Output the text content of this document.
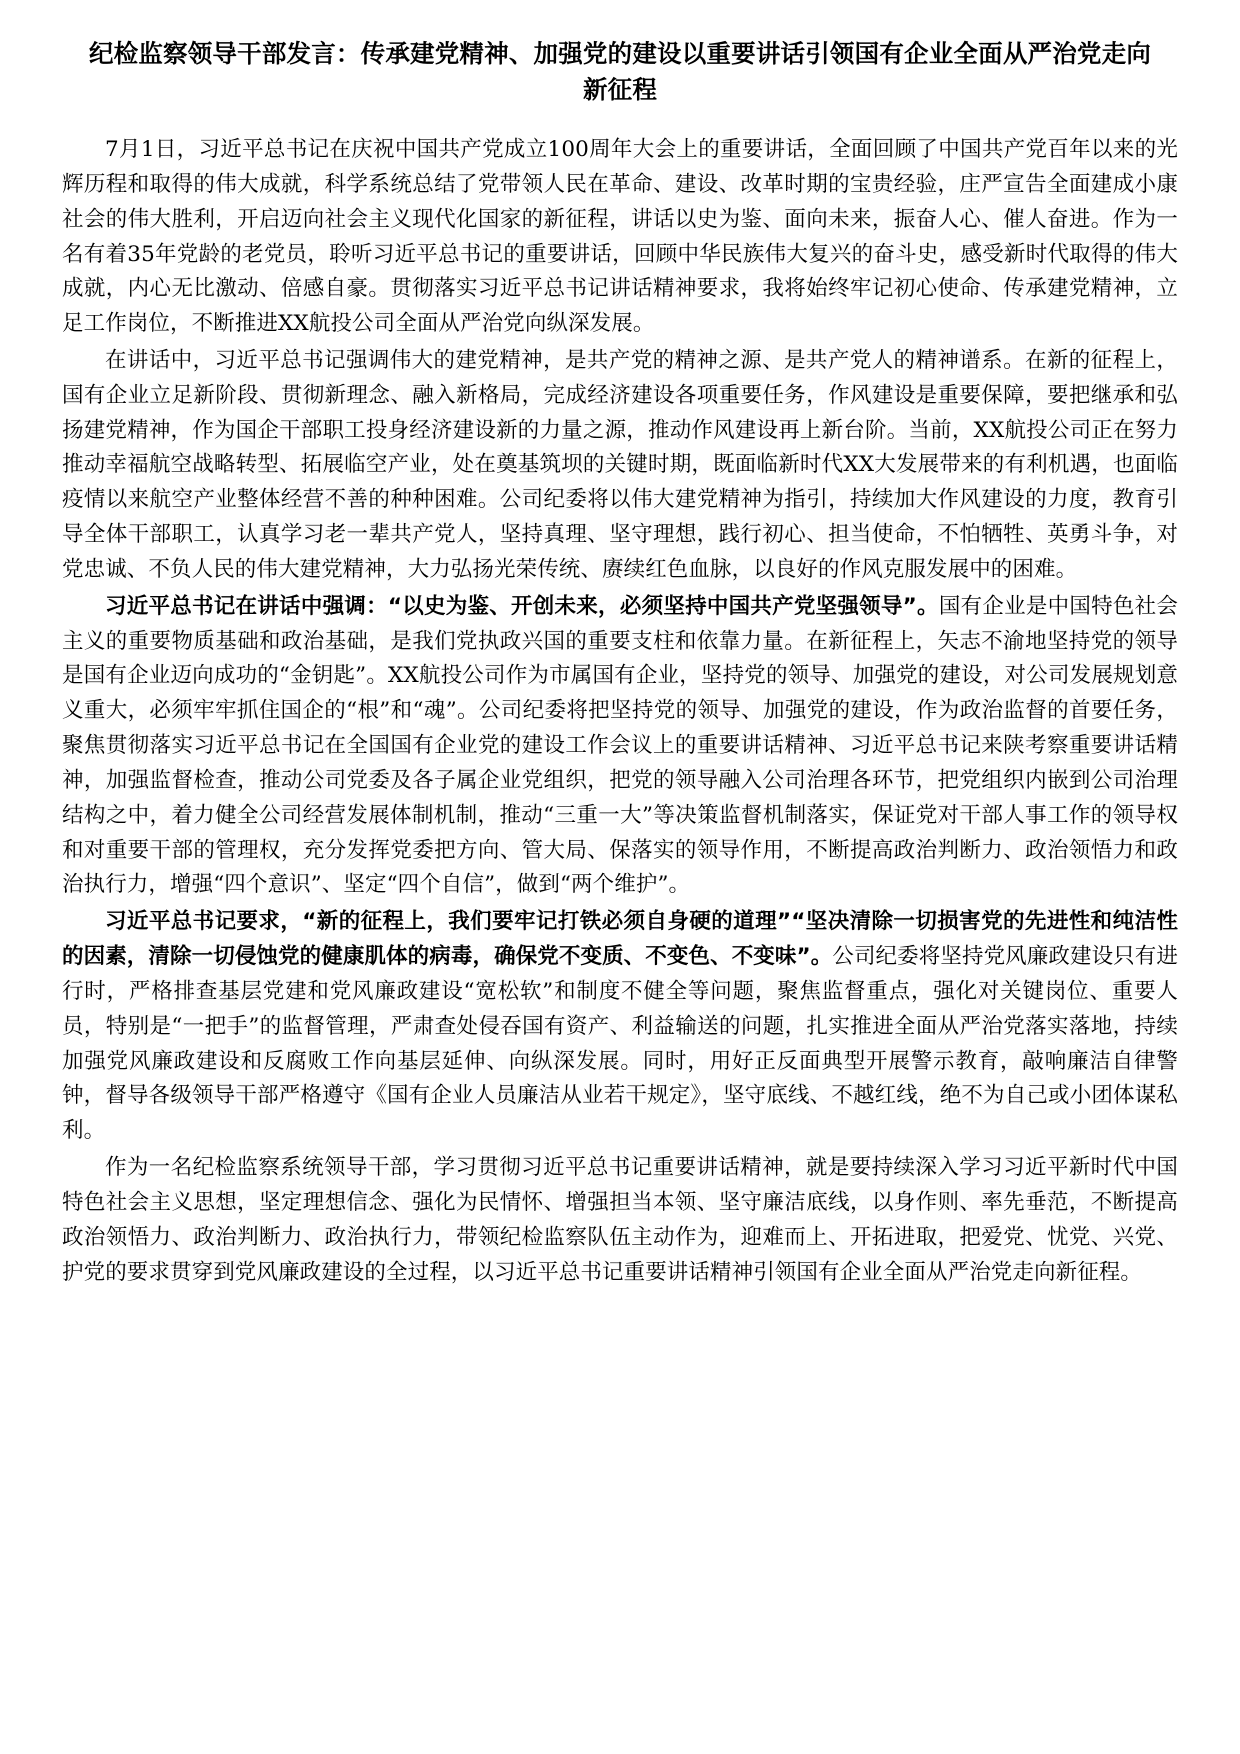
纪检监察领导干部发言：传承建党精神、加强党的建设以重要讲话引领国有企业全面从严治党走向新征程

7月1日，习近平总书记在庆祝中国共产党成立100周年大会上的重要讲话，全面回顾了中国共产党百年以来的光辉历程和取得的伟大成就，科学系统总结了党带领人民在革命、建设、改革时期的宝贵经验，庄严宣告全面建成小康社会的伟大胜利，开启迈向社会主义现代化国家的新征程，讲话以史为鉴、面向未来，振奋人心、催人奋进。作为一名有着35年党龄的老党员，聆听习近平总书记的重要讲话，回顾中华民族伟大复兴的奋斗史，感受新时代取得的伟大成就，内心无比激动、倍感自豪。贯彻落实习近平总书记讲话精神要求，我将始终牢记初心使命、传承建党精神，立足工作岗位，不断推进XX航投公司全面从严治党向纵深发展。

在讲话中，习近平总书记强调伟大的建党精神，是共产党的精神之源、是共产党人的精神谱系。在新的征程上，国有企业立足新阶段、贯彻新理念、融入新格局，完成经济建设各项重要任务，作风建设是重要保障，要把继承和弘扬建党精神，作为国企干部职工投身经济建设新的力量之源，推动作风建设再上新台阶。当前，XX航投公司正在努力推动幸福航空战略转型、拓展临空产业，处在奠基筑坝的关键时期，既面临新时代XX大发展带来的有利机遇，也面临疫情以来航空产业整体经营不善的种种困难。公司纪委将以伟大建党精神为指引，持续加大作风建设的力度，教育引导全体干部职工，认真学习老一辈共产党人，坚持真理、坚守理想，践行初心、担当使命，不怕牺牲、英勇斗争，对党忠诚、不负人民的伟大建党精神，大力弘扬光荣传统、赓续红色血脉，以良好的作风克服发展中的困难。

习近平总书记在讲话中强调：“以史为鉴、开创未来，必须坚持中国共产党坚强领导”。国有企业是中国特色社会主义的重要物质基础和政治基础，是我们党执政兴国的重要支柱和依靠力量。在新征程上，矢志不渝地坚持党的领导是国有企业迈向成功的“金钥匙”。XX航投公司作为市属国有企业，坚持党的领导、加强党的建设，对公司发展规划意义重大，必须牢牢抓住国企的“根”和“魂”。公司纪委将把坚持党的领导、加强党的建设，作为政治监督的首要任务，聚焦贯彻落实习近平总书记在全国国有企业党的建设工作会议上的重要讲话精神、习近平总书记来陕考察重要讲话精神，加强监督检查，推动公司党委及各子属企业党组织，把党的领导融入公司治理各环节，把党组织内嵌到公司治理结构之中，着力健全公司经营发展体制机制，推动“三重一大”等决策监督机制落实，保证党对干部人事工作的领导权和对重要干部的管理权，充分发挥党委把方向、管大局、保落实的领导作用，不断提高政治判断力、政治领悟力和政治执行力，增强“四个意识”、坚定“四个自信”，做到“两个维护”。

习近平总书记要求，“新的征程上，我们要牢记打铁必须自身硬的道理”“坚决清除一切损害党的先进性和纯洁性的因素，清除一切侵蚀党的健康肌体的病毒，确保党不变质、不变色、不变味”。公司纪委将坚持党风廉政建设只有进行时，严格排查基层党建和党风廉政建设“宽松软”和制度不健全等问题，聚焦监督重点，强化对关键岗位、重要人员，特别是“一把手”的监督管理，严肃查处侵吞国有资产、利益输送的问题，扎实推进全面从严治党落实落地，持续加强党风廉政建设和反腐败工作向基层延伸、向纵深发展。同时，用好正反面典型开展警示教育，敲响廉洁自律警钟，督导各级领导干部严格遵守《国有企业人员廉洁从业若干规定》，坚守底线、不越红线，绝不为自己或小团体谋私利。

作为一名纪检监察系统领导干部，学习贯彻习近平总书记重要讲话精神，就是要持续深入学习习近平新时代中国特色社会主义思想，坚定理想信念、强化为民情怀、增强担当本领、坚守廉洁底线，以身作则、率先垂范，不断提高政治领悟力、政治判断力、政治执行力，带领纪检监察队伍主动作为，迎难而上、开拓进取，把爱党、忧党、兴党、护党的要求贯穿到党风廉政建设的全过程，以习近平总书记重要讲话精神引领国有企业全面从严治党走向新征程。
